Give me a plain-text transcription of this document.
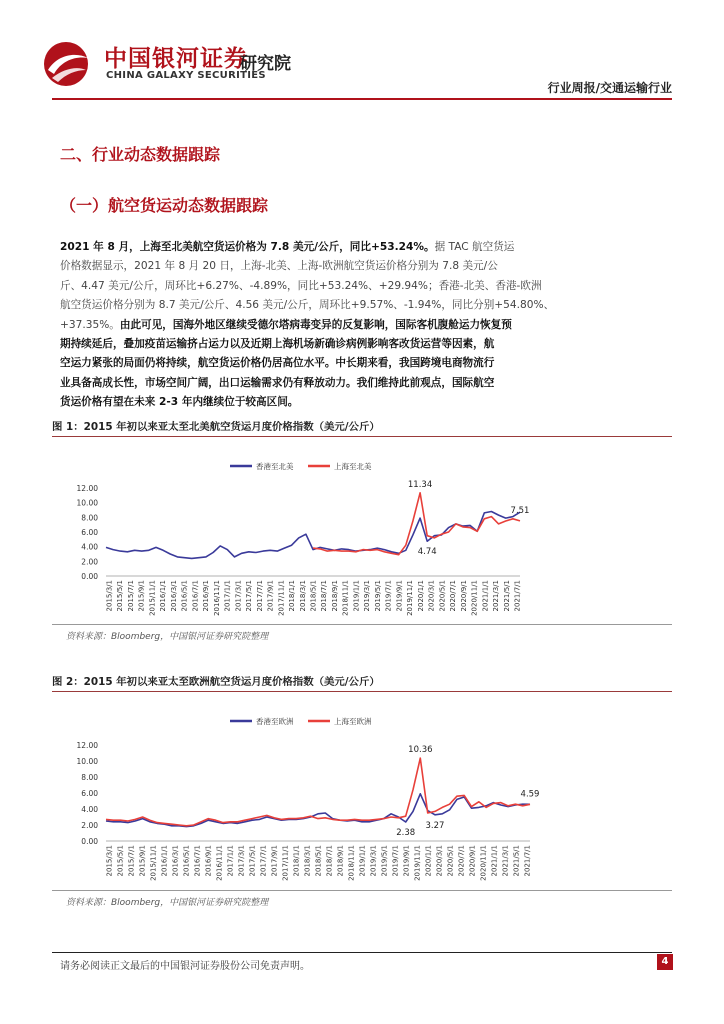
中国银河证券
CHINA GALAXY SECURITIES
研究院
行业周报/交通运输行业
二、行业动态数据跟踪
（一）航空货运动态数据跟踪
2021 年 8 月，上海至北美航空货运价格为 7.8 美元/公斤，同比+53.24%。据 TAC 航空货运
价格数据显示，2021 年 8 月 20 日，上海-北美、上海-欧洲航空货运价格分别为 7.8 美元/公
斤、4.47 美元/公斤，周环比+6.27%、-4.89%，同比+53.24%、+29.94%；香港-北美、香港-欧洲
航空货运价格分别为 8.7 美元/公斤、4.56 美元/公斤，周环比+9.57%、-1.94%，同比分别+54.80%、
+37.35%。由此可见，国海外地区继续受德尔塔病毒变异的反复影响，国际客机腹舱运力恢复预
期持续延后，叠加疫苗运输挤占运力以及近期上海机场新确诊病例影响客改货运营等因素，航
空运力紧张的局面仍将持续，航空货运价格仍居高位水平。中长期来看，我国跨境电商物流行
业具备高成长性，市场空间广阔，出口运输需求仍有释放动力。我们维持此前观点，国际航空
货运价格有望在未来 2-3 年内继续位于较高区间。
图 1：2015 年初以来亚太至北美航空货运月度价格指数（美元/公斤）
香港至北美	上海至北美
12.00
10.00
8.00
6.00
4.00
2.00
0.00
2015/3/1 2015/5/1 2015/7/1 2015/9/1 2015/11/1 2016/1/1 2016/3/1 2016/5/1 2016/7/1 2016/9/1 2016/11/1 2017/1/1 2017/3/1 2017/5/1 2017/7/1 2017/9/1 2017/11/1 2018/1/1 2018/3/1 2018/5/1 2018/7/1 2018/9/1 2018/11/1 2019/1/1 2019/3/1 2019/5/1 2019/7/1 2019/9/1 2019/11/1 2020/1/1 2020/3/1 2020/5/1 2020/7/1 2020/9/1 2020/11/1 2021/1/1 2021/3/1 2021/5/1 2021/7/1
11.34
4.74
7.51
资料来源：Bloomberg，中国银河证券研究院整理
图 2：2015 年初以来亚太至欧洲航空货运月度价格指数（美元/公斤）
香港至欧洲	上海至欧洲
12.00
10.00
8.00
6.00
4.00
2.00
0.00
2015/3/1 2015/5/1 2015/7/1 2015/9/1 2015/11/1 2016/1/1 2016/3/1 2016/5/1 2016/7/1 2016/9/1 2016/11/1 2017/1/1 2017/3/1 2017/5/1 2017/7/1 2017/9/1 2017/11/1 2018/1/1 2018/3/1 2018/5/1 2018/7/1 2018/9/1 2018/11/1 2019/1/1 2019/3/1 2019/5/1 2019/7/1 2019/9/1 2019/11/1 2020/1/1 2020/3/1 2020/5/1 2020/7/1 2020/9/1 2020/11/1 2021/1/1 2021/3/1 2021/5/1 2021/7/1
10.36
2.38
3.27
4.59
资料来源：Bloomberg，中国银河证券研究院整理
请务必阅读正文最后的中国银河证券股份公司免责声明。	4
